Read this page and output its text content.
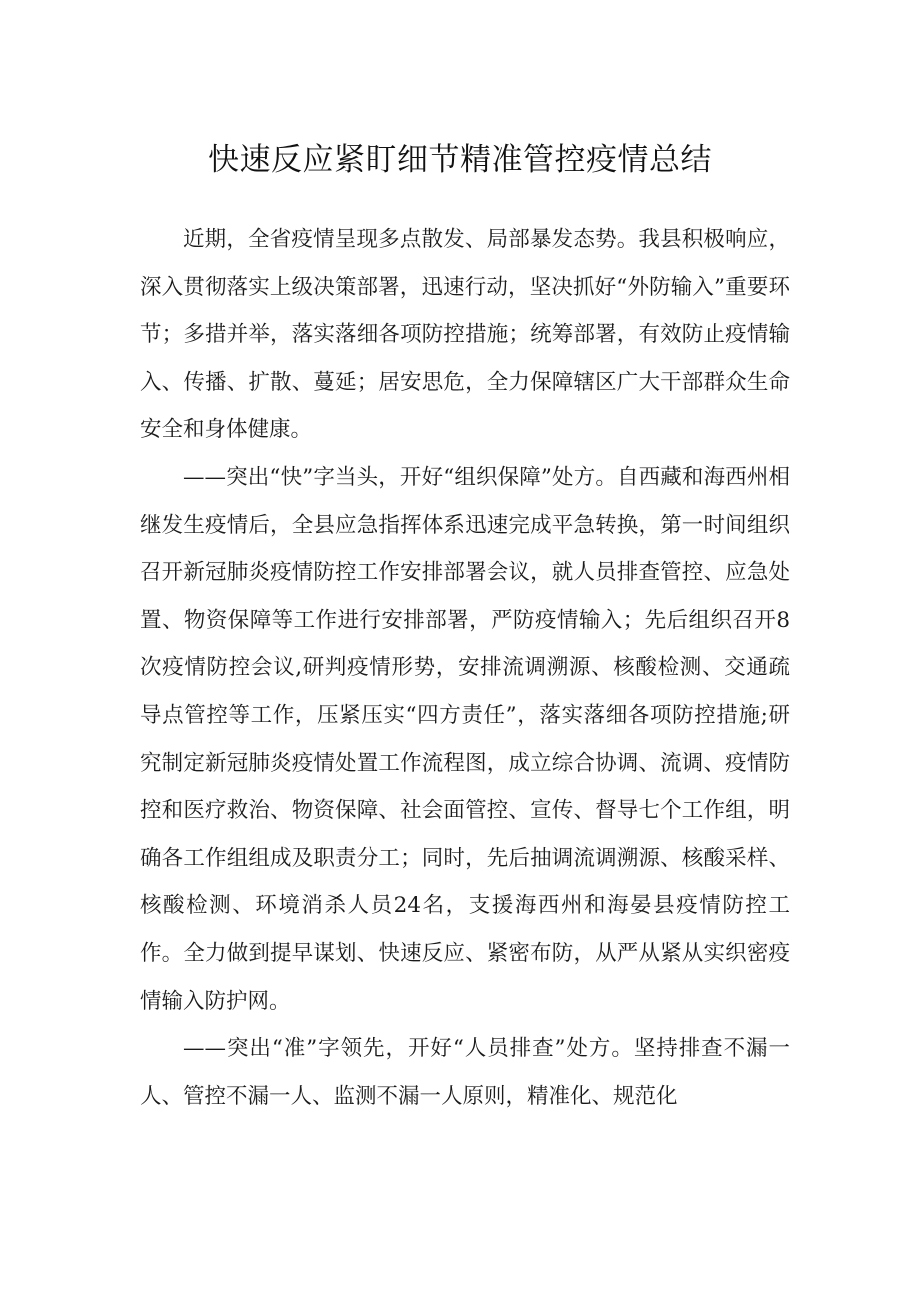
快速反应紧盯细节精准管控疫情总结

近期，全省疫情呈现多点散发、局部暴发态势。我县积极响应，深入贯彻落实上级决策部署，迅速行动，坚决抓好“外防输入”重要环节；多措并举，落实落细各项防控措施；统筹部署，有效防止疫情输入、传播、扩散、蔓延；居安思危，全力保障辖区广大干部群众生命安全和身体健康。

——突出“快”字当头，开好“组织保障”处方。自西藏和海西州相继发生疫情后，全县应急指挥体系迅速完成平急转换，第一时间组织召开新冠肺炎疫情防控工作安排部署会议，就人员排查管控、应急处置、物资保障等工作进行安排部署，严防疫情输入；先后组织召开8次疫情防控会议,研判疫情形势，安排流调溯源、核酸检测、交通疏导点管控等工作，压紧压实“四方责任”，落实落细各项防控措施;研究制定新冠肺炎疫情处置工作流程图，成立综合协调、流调、疫情防控和医疗救治、物资保障、社会面管控、宣传、督导七个工作组，明确各工作组组成及职责分工；同时，先后抽调流调溯源、核酸采样、核酸检测、环境消杀人员24名，支援海西州和海晏县疫情防控工作。全力做到提早谋划、快速反应、紧密布防，从严从紧从实织密疫情输入防护网。

——突出“准”字领先，开好“人员排查”处方。坚持排查不漏一人、管控不漏一人、监测不漏一人原则，精准化、规范化
